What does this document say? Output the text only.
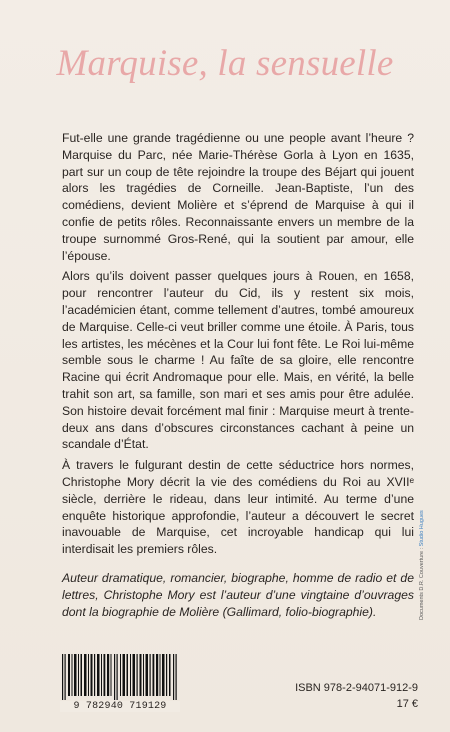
Marquise, la sensuelle

Fut-elle une grande tragédienne ou une people avant l’heure ? Marquise du Parc, née Marie-Thérèse Gorla à Lyon en 1635, part sur un coup de tête rejoindre la troupe des Béjart qui jouent alors les tragédies de Corneille. Jean-Baptiste, l’un des comédiens, devient Molière et s’éprend de Marquise à qui il confie de petits rôles. Reconnaissante envers un membre de la troupe surnommé Gros-René, qui la soutient par amour, elle l’épouse.

Alors qu’ils doivent passer quelques jours à Rouen, en 1658, pour rencontrer l’auteur du Cid, ils y restent six mois, l’académicien étant, comme tellement d’autres, tombé amoureux de Marquise. Celle-ci veut briller comme une étoile. À Paris, tous les artistes, les mécènes et la Cour lui font fête. Le Roi lui-même semble sous le charme ! Au faîte de sa gloire, elle rencontre Racine qui écrit Andromaque pour elle. Mais, en vérité, la belle trahit son art, sa famille, son mari et ses amis pour être adulée. Son histoire devait forcément mal finir : Marquise meurt à trente-deux ans dans d’obscures circonstances cachant à peine un scandale d’État.

À travers le fulgurant destin de cette séductrice hors normes, Christophe Mory décrit la vie des comédiens du Roi au XVIIᵉ siècle, derrière le rideau, dans leur intimité. Au terme d’une enquête historique approfondie, l’auteur a découvert le secret inavouable de Marquise, cet incroyable handicap qui lui interdisait les premiers rôles.

Auteur dramatique, romancier, biographe, homme de radio et de lettres, Christophe Mory est l’auteur d’une vingtaine d’ouvrages dont la biographie de Molière (Gallimard, folio-biographie).

9 782940 719129
ISBN 978-2-94071-912-9
17 €
Documents D.R. Couverture : Studio Hugues
